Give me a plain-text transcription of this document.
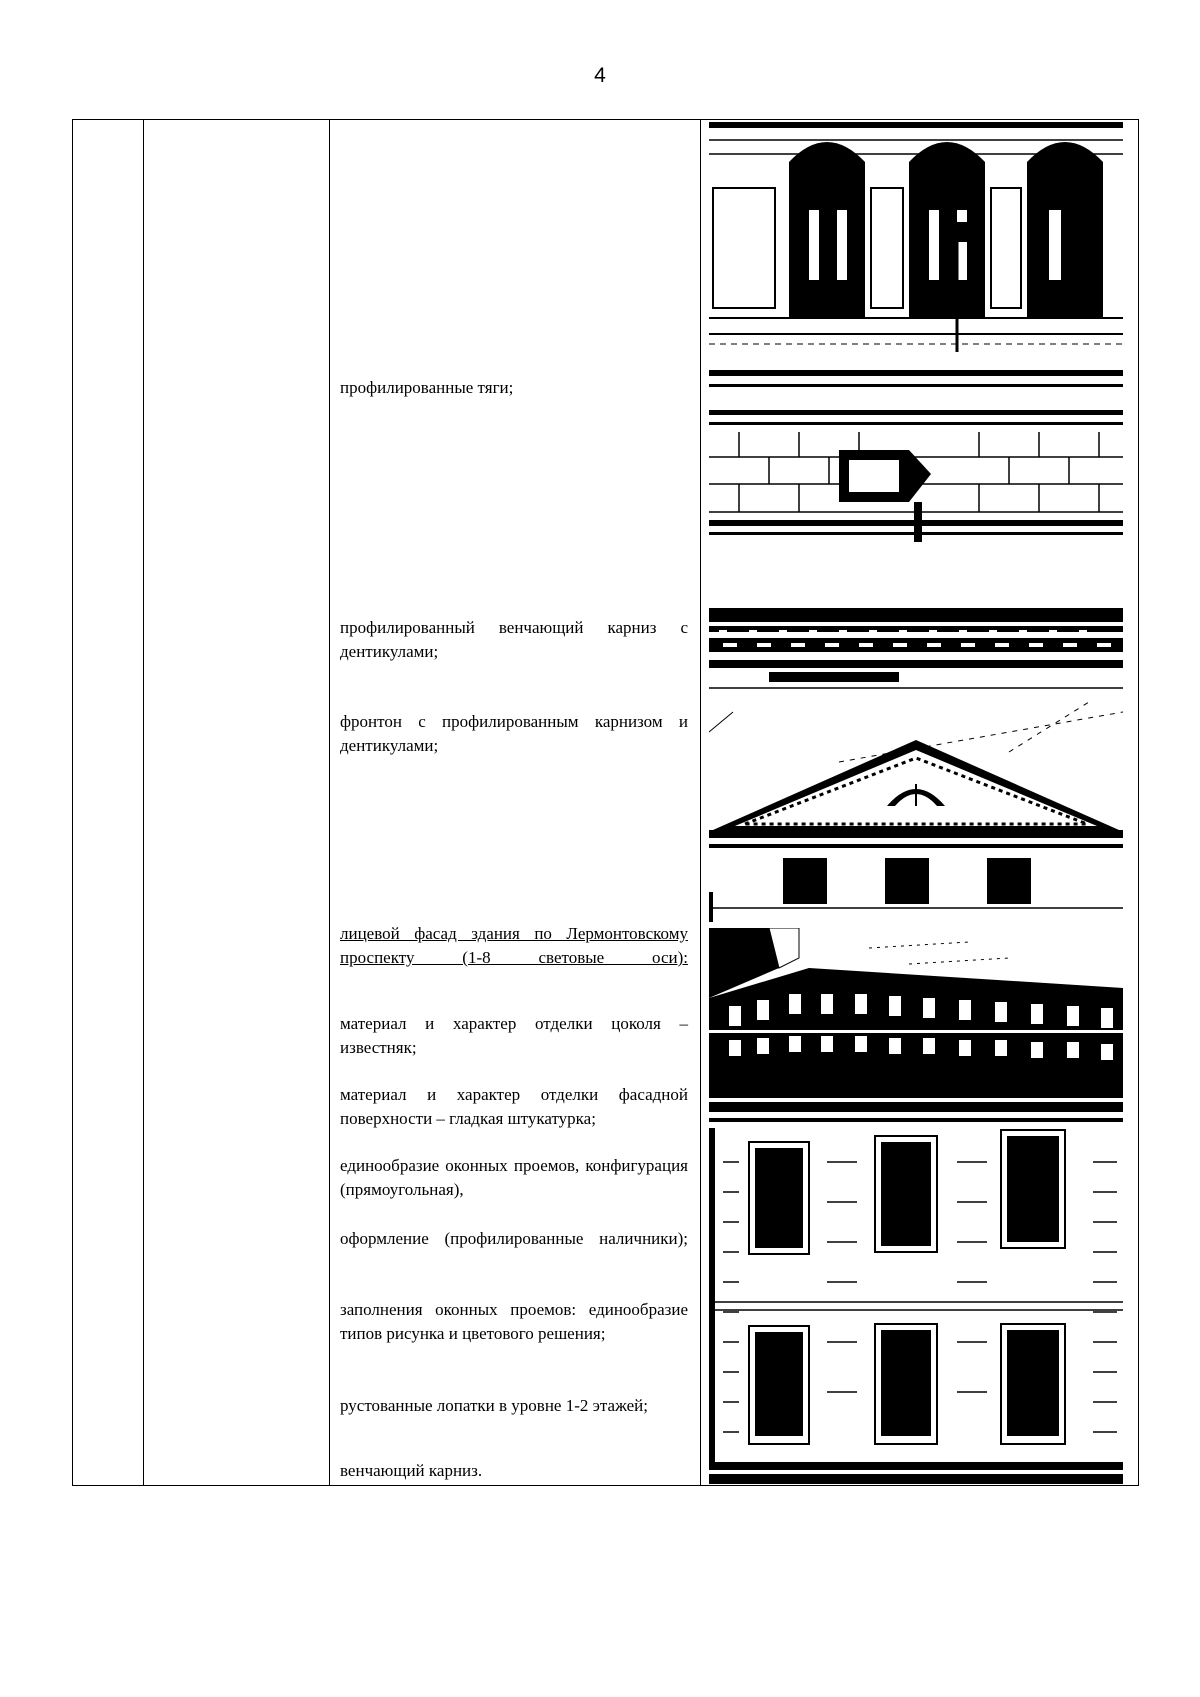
4

профилированные тяги;
профилированный венчающий карниз с дентикулами;
фронтон с профилированным карнизом и дентикулами;
лицевой фасад здания по Лермонтовскому проспекту (1-8 световые оси):
материал и характер отделки цоколя – известняк;
материал и характер отделки фасадной поверхности – гладкая штукатурка;
единообразие оконных проемов, конфигурация (прямоугольная),
оформление (профилированные наличники);
заполнения оконных проемов: единообразие типов рисунка и цветового решения;
рустованные лопатки в уровне 1-2 этажей;
венчающий карниз.
